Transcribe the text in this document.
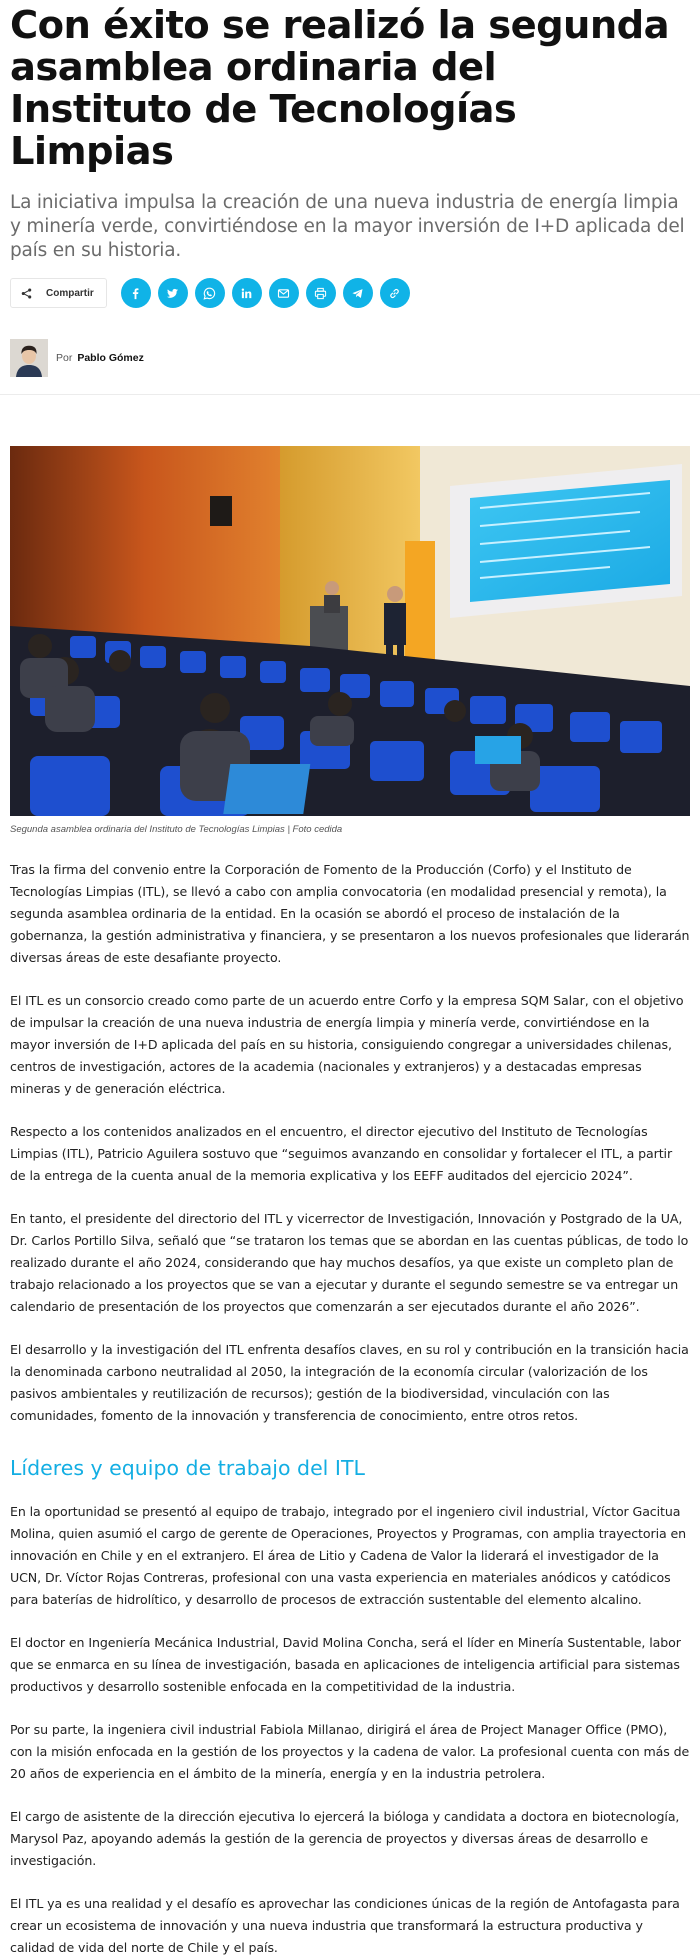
Con éxito se realizó la segunda asamblea ordinaria del Instituto de Tecnologías Limpias

La iniciativa impulsa la creación de una nueva industria de energía limpia y minería verde, convirtiéndose en la mayor inversión de I+D aplicada del país en su historia.

Compartir
Por Pablo Gómez

Segunda asamblea ordinaria del Instituto de Tecnologías Limpias | Foto cedida

Tras la firma del convenio entre la Corporación de Fomento de la Producción (Corfo) y el Instituto de Tecnologías Limpias (ITL), se llevó a cabo con amplia convocatoria (en modalidad presencial y remota), la segunda asamblea ordinaria de la entidad. En la ocasión se abordó el proceso de instalación de la gobernanza, la gestión administrativa y financiera, y se presentaron a los nuevos profesionales que liderarán diversas áreas de este desafiante proyecto.

El ITL es un consorcio creado como parte de un acuerdo entre Corfo y la empresa SQM Salar, con el objetivo de impulsar la creación de una nueva industria de energía limpia y minería verde, convirtiéndose en la mayor inversión de I+D aplicada del país en su historia, consiguiendo congregar a universidades chilenas, centros de investigación, actores de la academia (nacionales y extranjeros) y a destacadas empresas mineras y de generación eléctrica.

Respecto a los contenidos analizados en el encuentro, el director ejecutivo del Instituto de Tecnologías Limpias (ITL), Patricio Aguilera sostuvo que “seguimos avanzando en consolidar y fortalecer el ITL, a partir de la entrega de la cuenta anual de la memoria explicativa y los EEFF auditados del ejercicio 2024”.

En tanto, el presidente del directorio del ITL y vicerrector de Investigación, Innovación y Postgrado de la UA, Dr. Carlos Portillo Silva, señaló que “se trataron los temas que se abordan en las cuentas públicas, de todo lo realizado durante el año 2024, considerando que hay muchos desafíos, ya que existe un completo plan de trabajo relacionado a los proyectos que se van a ejecutar y durante el segundo semestre se va entregar un calendario de presentación de los proyectos que comenzarán a ser ejecutados durante el año 2026”.

El desarrollo y la investigación del ITL enfrenta desafíos claves, en su rol y contribución en la transición hacia la denominada carbono neutralidad al 2050, la integración de la economía circular (valorización de los pasivos ambientales y reutilización de recursos); gestión de la biodiversidad, vinculación con las comunidades, fomento de la innovación y transferencia de conocimiento, entre otros retos.

Líderes y equipo de trabajo del ITL

En la oportunidad se presentó al equipo de trabajo, integrado por el ingeniero civil industrial, Víctor Gacitua Molina, quien asumió el cargo de gerente de Operaciones, Proyectos y Programas, con amplia trayectoria en innovación en Chile y en el extranjero. El área de Litio y Cadena de Valor la liderará el investigador de la UCN, Dr. Víctor Rojas Contreras, profesional con una vasta experiencia en materiales anódicos y catódicos para baterías de hidrolítico, y desarrollo de procesos de extracción sustentable del elemento alcalino.

El doctor en Ingeniería Mecánica Industrial, David Molina Concha, será el líder en Minería Sustentable, labor que se enmarca en su línea de investigación, basada en aplicaciones de inteligencia artificial para sistemas productivos y desarrollo sostenible enfocada en la competitividad de la industria.

Por su parte, la ingeniera civil industrial Fabiola Millanao, dirigirá el área de Project Manager Office (PMO), con la misión enfocada en la gestión de los proyectos y la cadena de valor. La profesional cuenta con más de 20 años de experiencia en el ámbito de la minería, energía y en la industria petrolera.

El cargo de asistente de la dirección ejecutiva lo ejercerá la bióloga y candidata a doctora en biotecnología, Marysol Paz, apoyando además la gestión de la gerencia de proyectos y diversas áreas de desarrollo e investigación.

El ITL ya es una realidad y el desafío es aprovechar las condiciones únicas de la región de Antofagasta para crear un ecosistema de innovación y una nueva industria que transformará la estructura productiva y calidad de vida del norte de Chile y el país.
